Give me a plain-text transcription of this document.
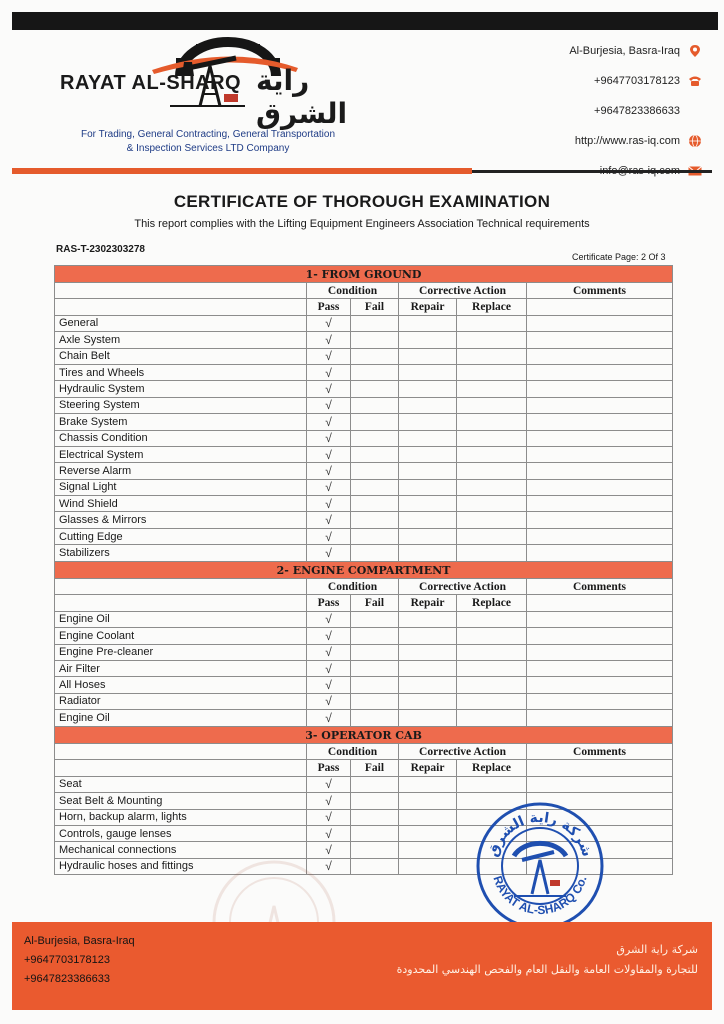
RAYAT AL-SHARQ راية الشرق
For Trading, General Contracting, General Transportation
& Inspection Services LTD Company
Al-Burjesia, Basra-Iraq
+9647703178123
+9647823386633
http://www.ras-iq.com
CERTIFICATE OF THOROUGH EXAMINATION
This report complies with the Lifting Equipment Engineers Association Technical requirements
RAS-T-2302303278
Certificate Page: 2 Of 3
1- FROM GROUND					
	Condition		Corrective Action		Comments
	Pass	Fail	Repair	Replace	
General	√				
Axle System	√				
Chain Belt	√				
Tires and Wheels	√				
Hydraulic System	√				
Steering System	√				
Brake System	√				
Chassis Condition	√				
Electrical System	√				
Reverse Alarm	√				
Signal Light	√				
Wind Shield	√				
Glasses & Mirrors	√				
Cutting Edge	√				
Stabilizers	√				
2- ENGINE COMPARTMENT					
	Condition		Corrective Action		Comments
	Pass	Fail	Repair	Replace	
Engine Oil	√				
Engine Coolant	√				
Engine Pre-cleaner	√				
Air Filter	√				
All Hoses	√				
Radiator	√				
Engine Oil	√				
3- OPERATOR CAB					
	Condition		Corrective Action		Comments
	Pass	Fail	Repair	Replace	
Seat	√				
Seat Belt & Mounting	√				
Horn, backup alarm, lights	√				
Controls, gauge lenses	√				
Mechanical connections	√				
Hydraulic hoses and fittings	√				
شركة راية الشرق
RAYAT AL-SHARQ Co.
Al-Burjesia, Basra-Iraq
+9647703178123
+9647823386633
شركة راية الشرق
للتجارة والمقاولات العامة والنقل العام والفحص الهندسي المحدودة
